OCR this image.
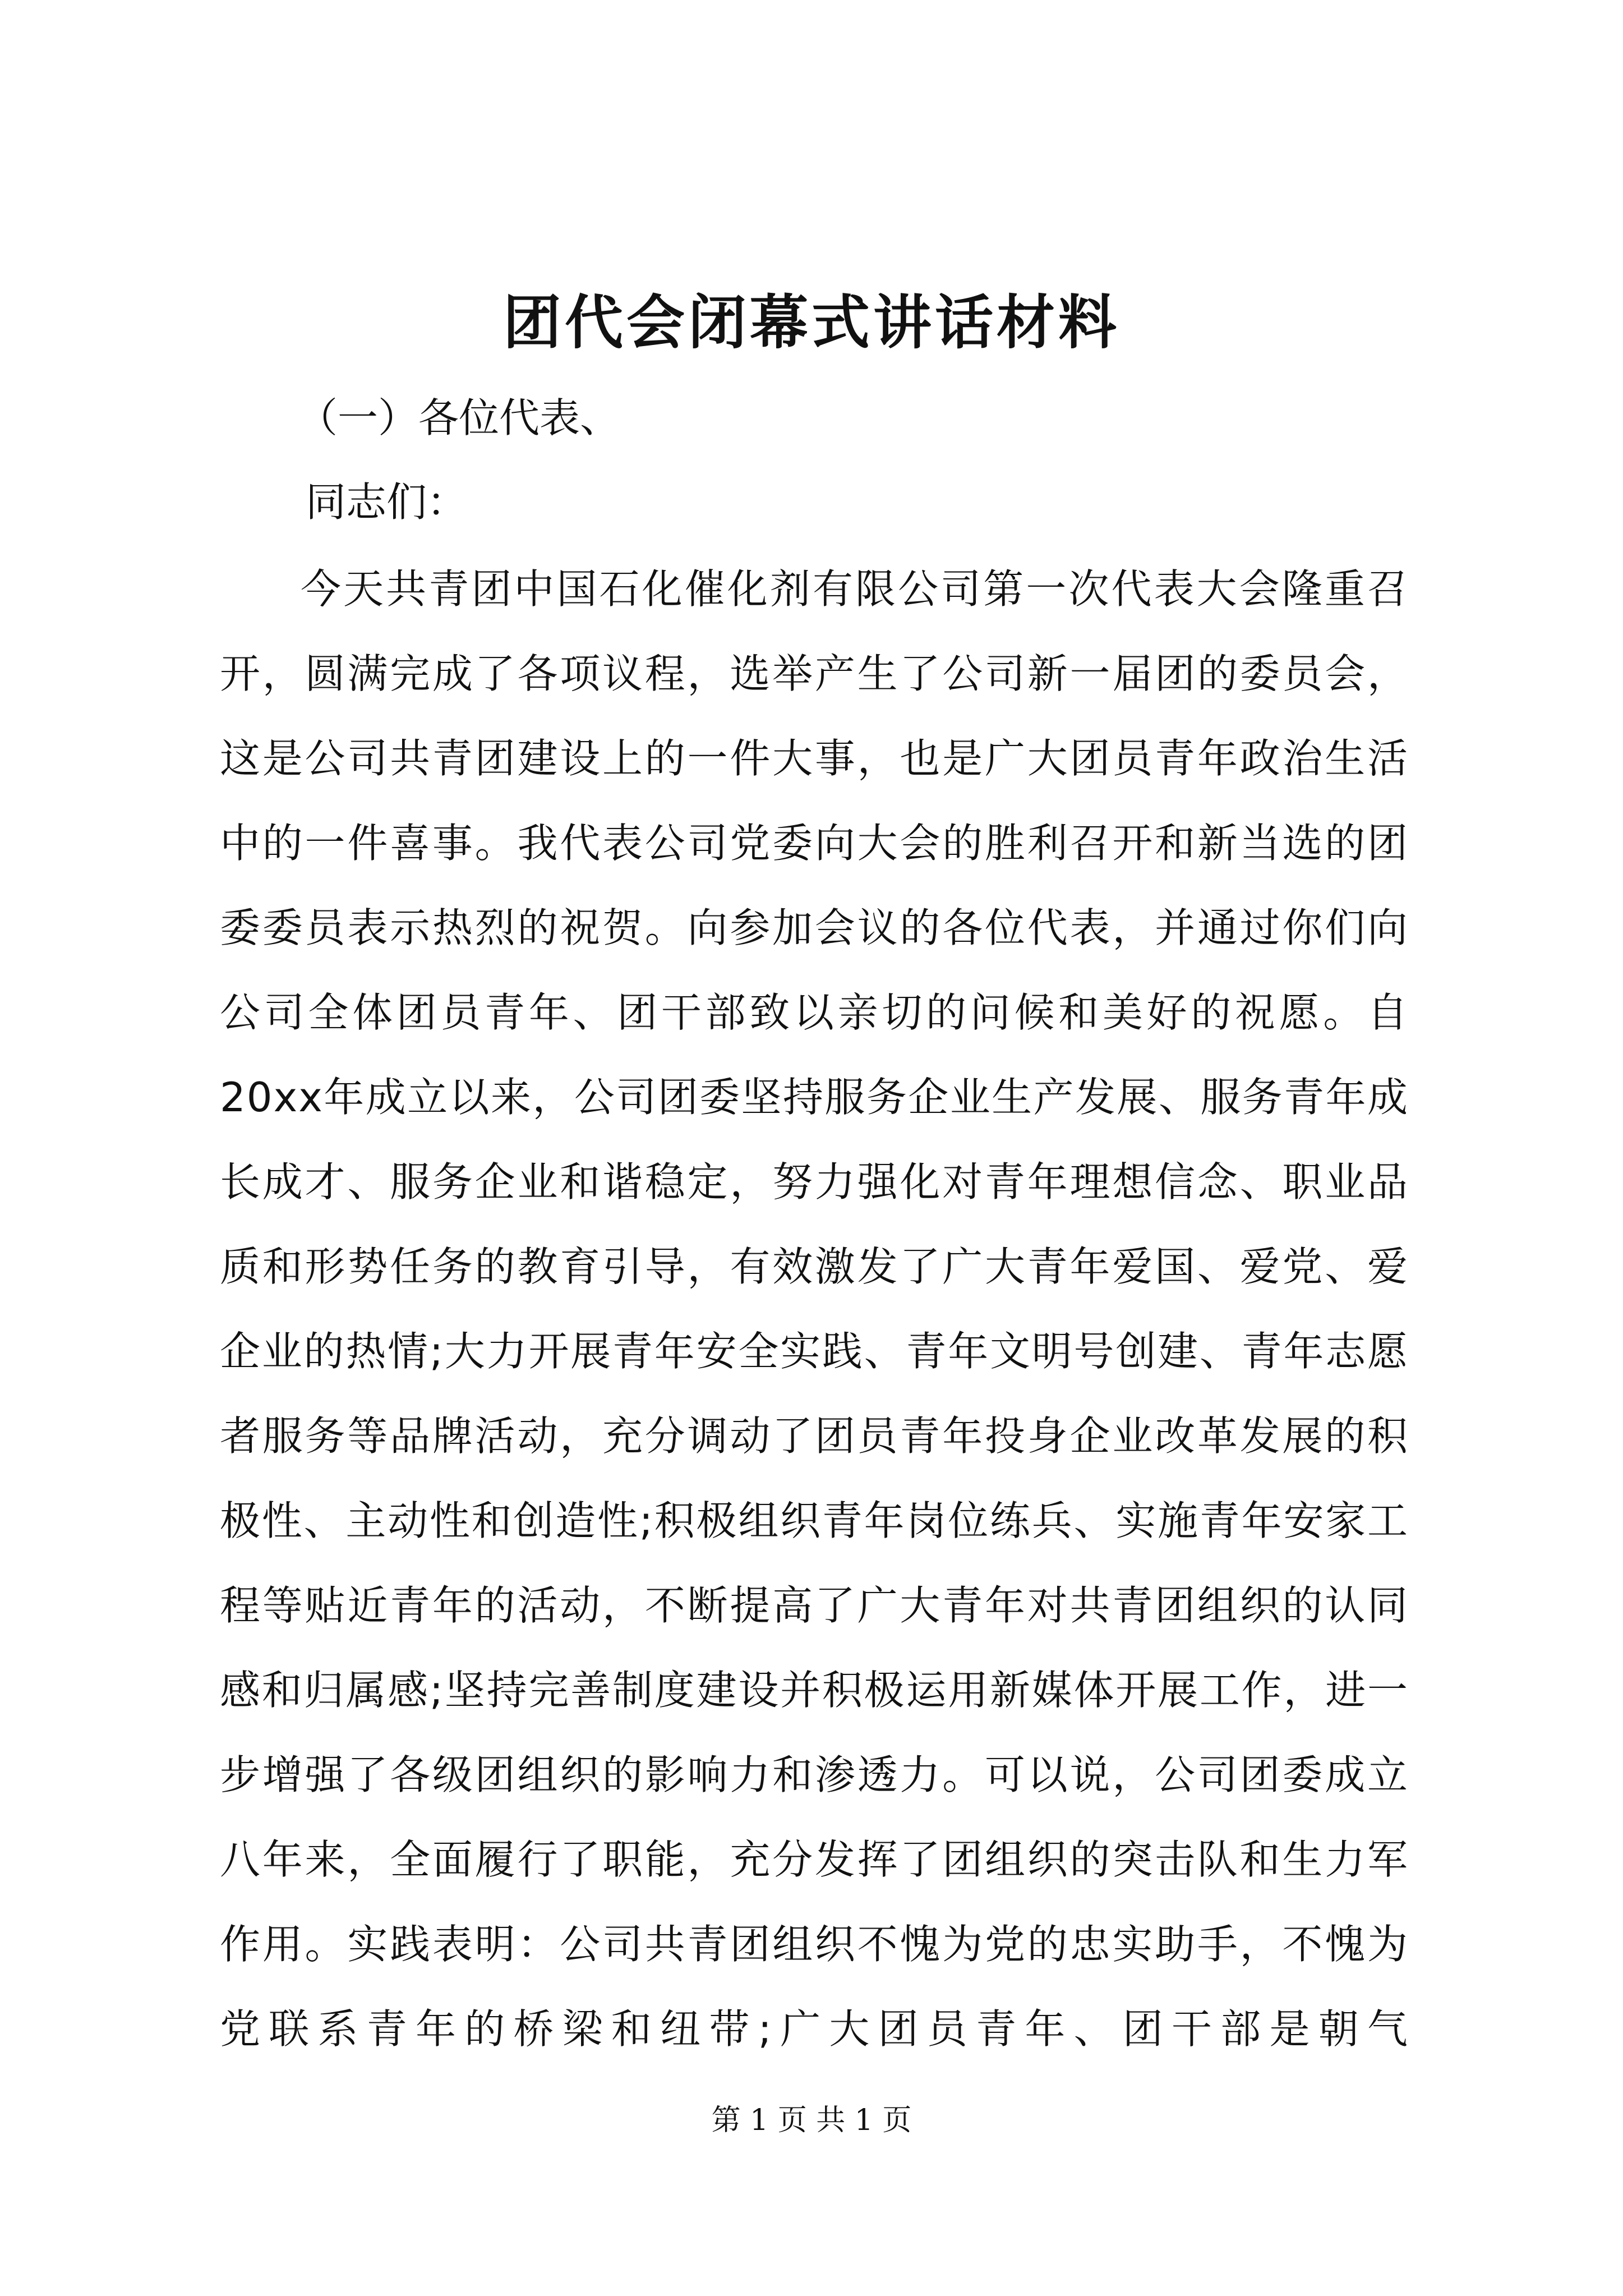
团代会闭幕式讲话材料
（一）各位代表、
同志们：

今天共青团中国石化催化剂有限公司第一次代表大会隆重召开，圆满完成了各项议程，选举产生了公司新一届团的委员会，这是公司共青团建设上的一件大事，也是广大团员青年政治生活中的一件喜事。我代表公司党委向大会的胜利召开和新当选的团委委员表示热烈的祝贺。向参加会议的各位代表，并通过你们向公司全体团员青年、团干部致以亲切的问候和美好的祝愿。自20xx年成立以来，公司团委坚持服务企业生产发展、服务青年成长成才、服务企业和谐稳定，努力强化对青年理想信念、职业品质和形势任务的教育引导，有效激发了广大青年爱国、爱党、爱企业的热情;大力开展青年安全实践、青年文明号创建、青年志愿者服务等品牌活动，充分调动了团员青年投身企业改革发展的积极性、主动性和创造性;积极组织青年岗位练兵、实施青年安家工程等贴近青年的活动，不断提高了广大青年对共青团组织的认同感和归属感;坚持完善制度建设并积极运用新媒体开展工作，进一步增强了各级团组织的影响力和渗透力。可以说，公司团委成立八年来，全面履行了职能，充分发挥了团组织的突击队和生力军作用。实践表明：公司共青团组织不愧为党的忠实助手，不愧为党联系青年的桥梁和纽带;广大团员青年、团干部是朝气

第 1 页 共 1 页
